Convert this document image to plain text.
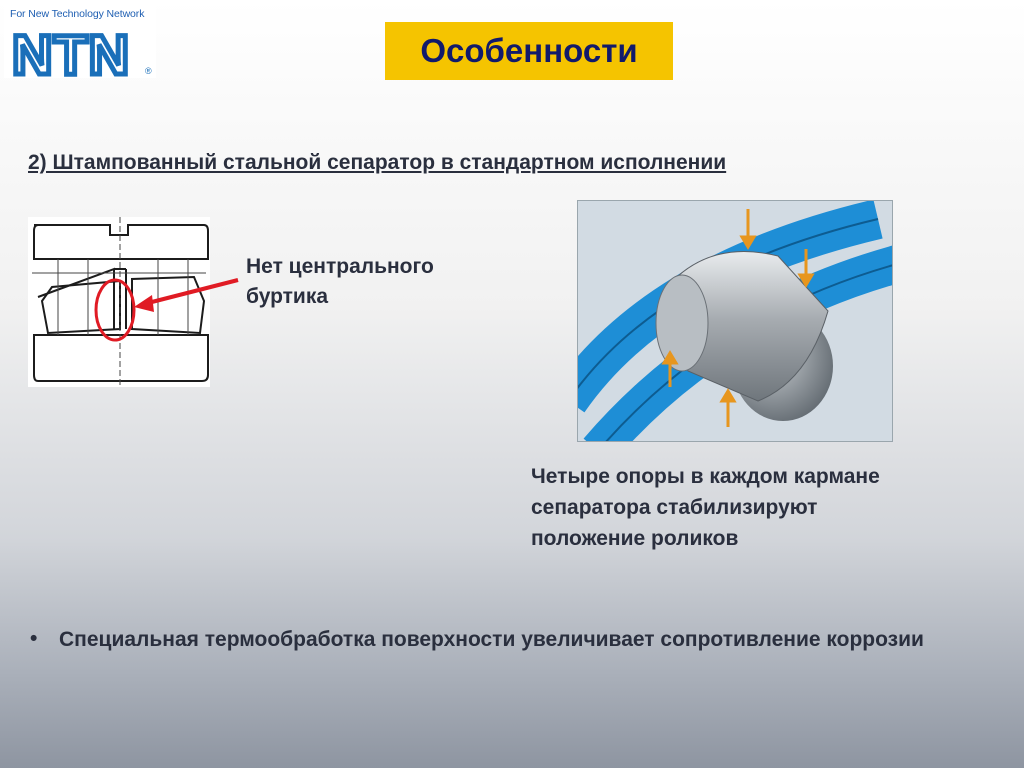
For New Technology Network
NTN ®
Особенности
2) Штампованный стальной сепаратор в стандартном исполнении
Нет центрального
буртика
Четыре опоры в каждом кармане
сепаратора стабилизируют
положение роликов
• Специальная термообработка поверхности увеличивает сопротивление коррозии
